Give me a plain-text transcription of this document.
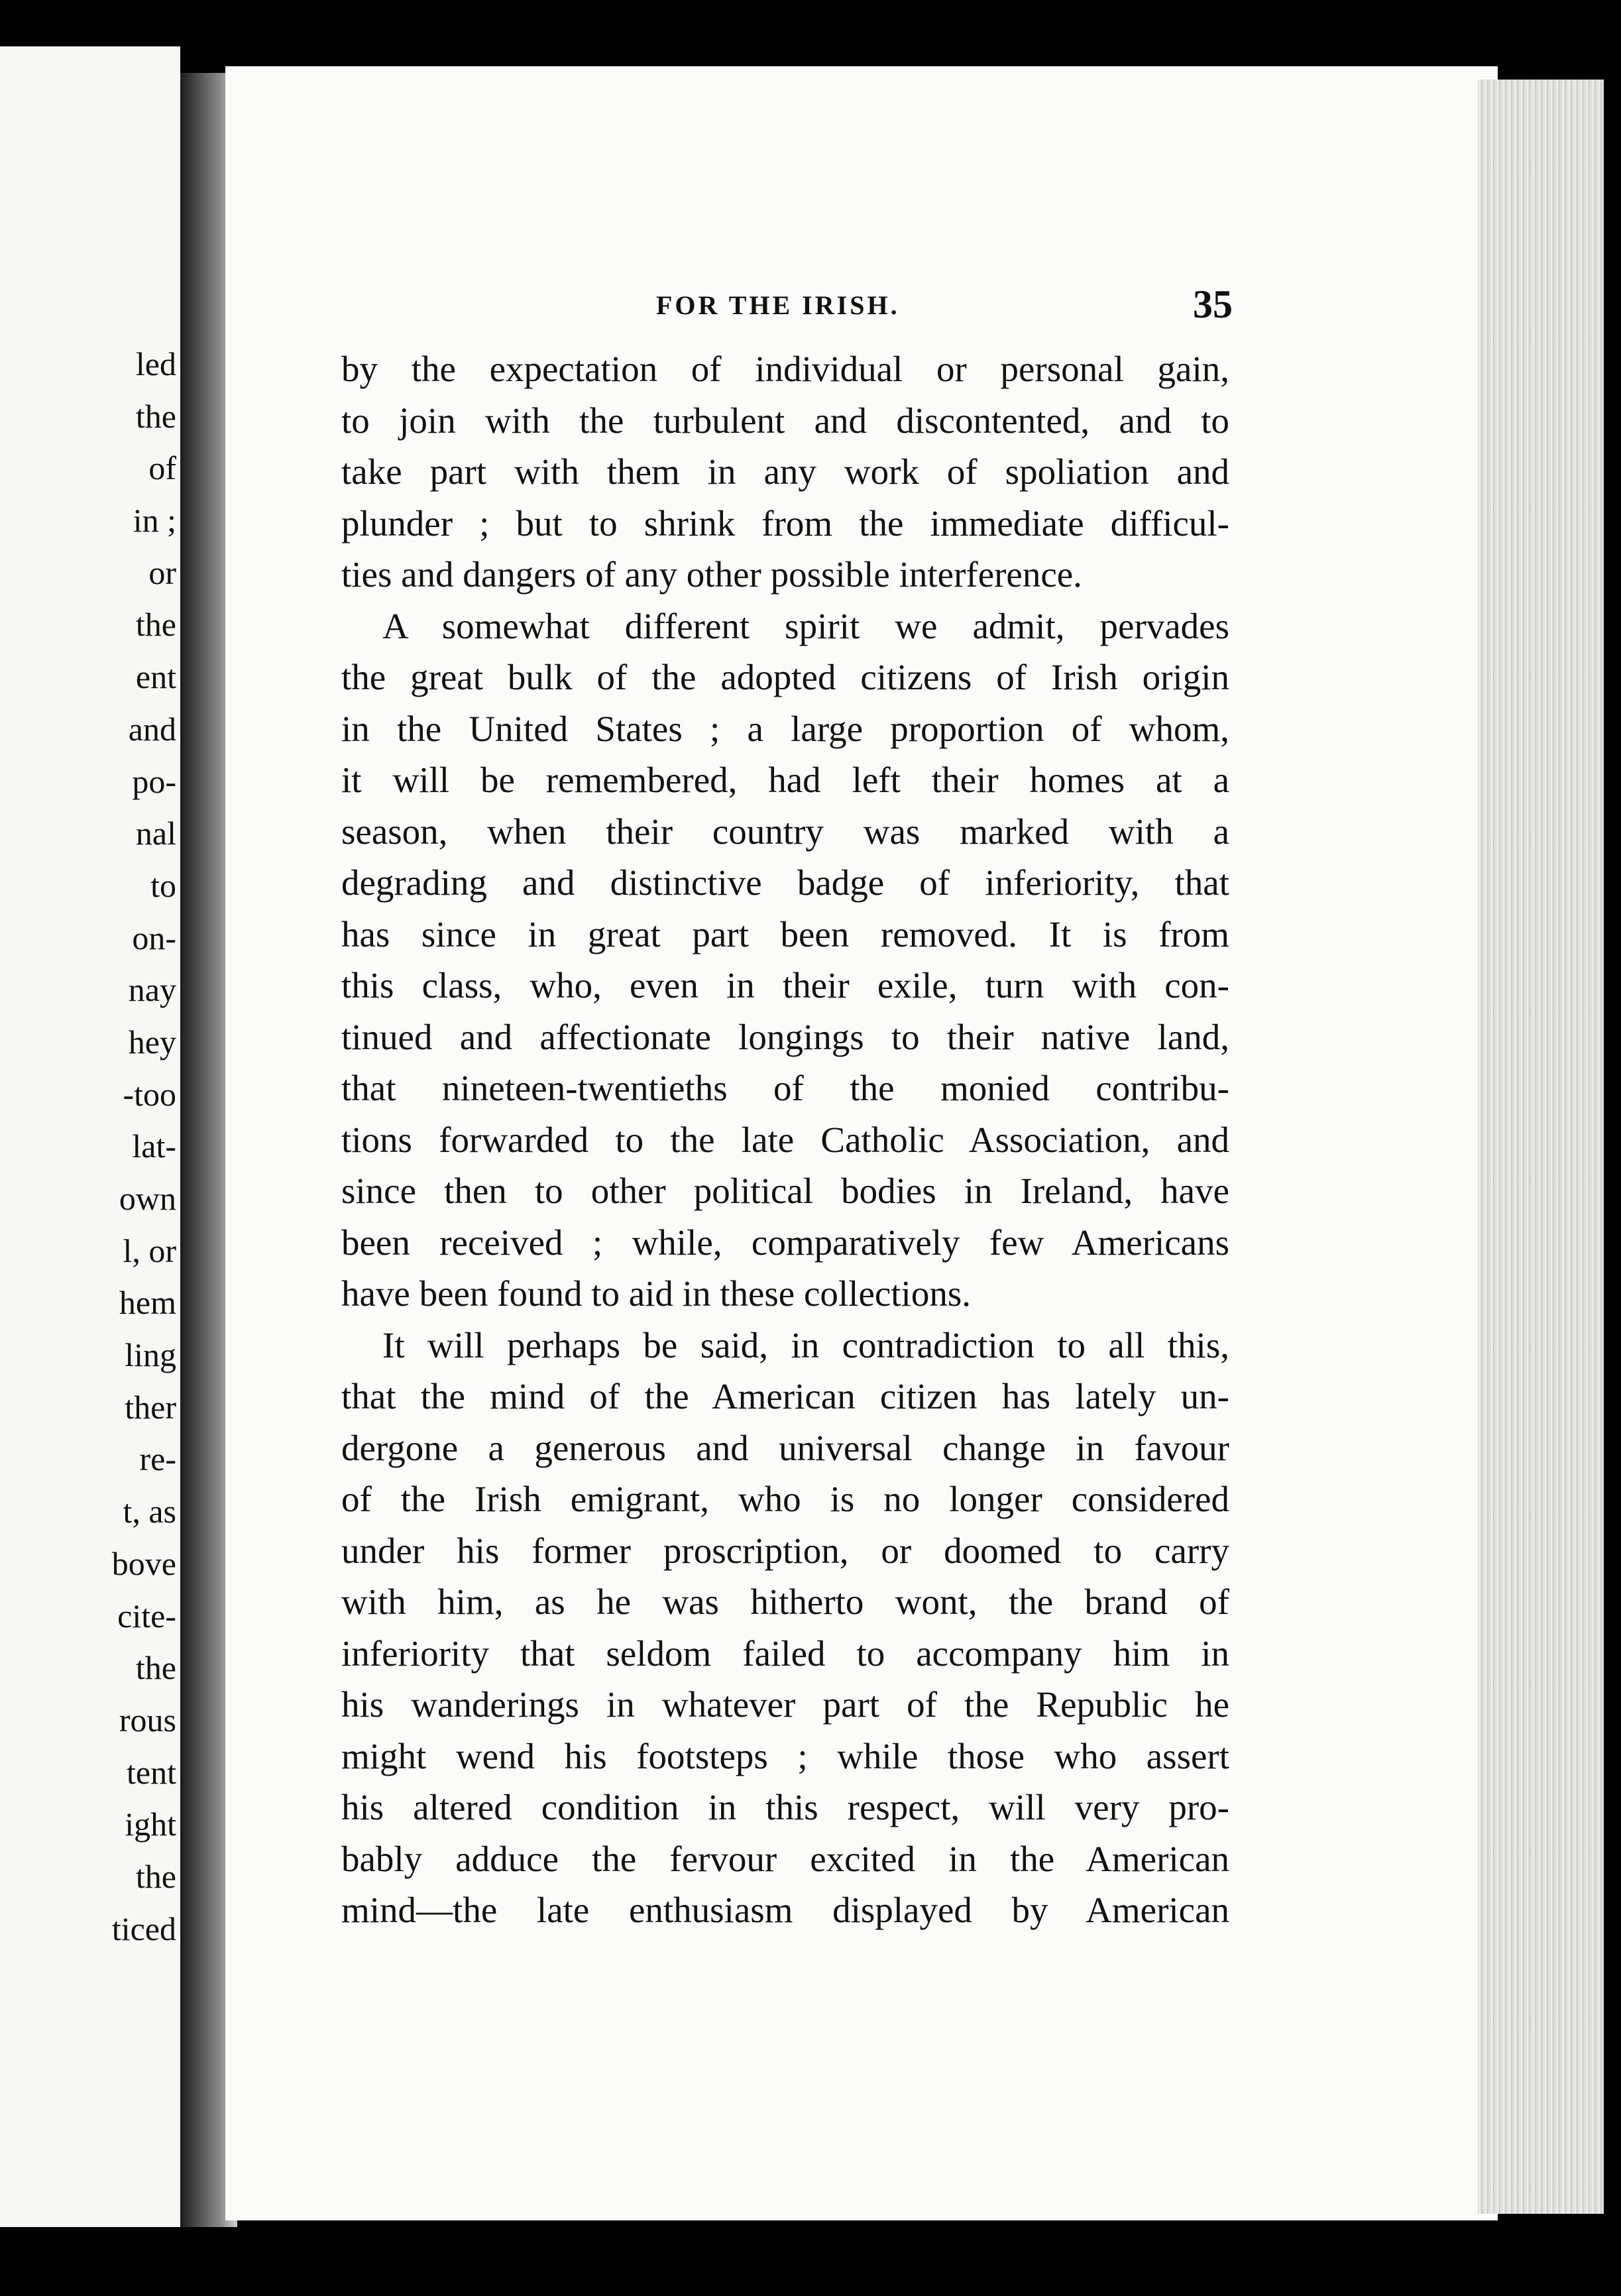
led
the
of
in ;
or
the
ent
and
po-
nal
to
on-
nay
hey
-too
lat-
own
l, or
hem
ling
ther
re-
t, as
bove
cite-
the
rous
tent
ight
the
ticed
FOR THE IRISH.	35
by the expectation of individual or personal gain,
to join with the turbulent and discontented, and to
take part with them in any work of spoliation and
plunder ; but to shrink from the immediate difficul-
ties and dangers of any other possible interference.
A somewhat different spirit we admit, pervades
the great bulk of the adopted citizens of Irish origin
in the United States ; a large proportion of whom,
it will be remembered, had left their homes at a
season, when their country was marked with a
degrading and distinctive badge of inferiority, that
has since in great part been removed. It is from
this class, who, even in their exile, turn with con-
tinued and affectionate longings to their native land,
that nineteen-twentieths of the monied contribu-
tions forwarded to the late Catholic Association, and
since then to other political bodies in Ireland, have
been received ; while, comparatively few Americans
have been found to aid in these collections.
It will perhaps be said, in contradiction to all this,
that the mind of the American citizen has lately un-
dergone a generous and universal change in favour
of the Irish emigrant, who is no longer considered
under his former proscription, or doomed to carry
with him, as he was hitherto wont, the brand of
inferiority that seldom failed to accompany him in
his wanderings in whatever part of the Republic he
might wend his footsteps ; while those who assert
his altered condition in this respect, will very pro-
bably adduce the fervour excited in the American
mind—the late enthusiasm displayed by American
